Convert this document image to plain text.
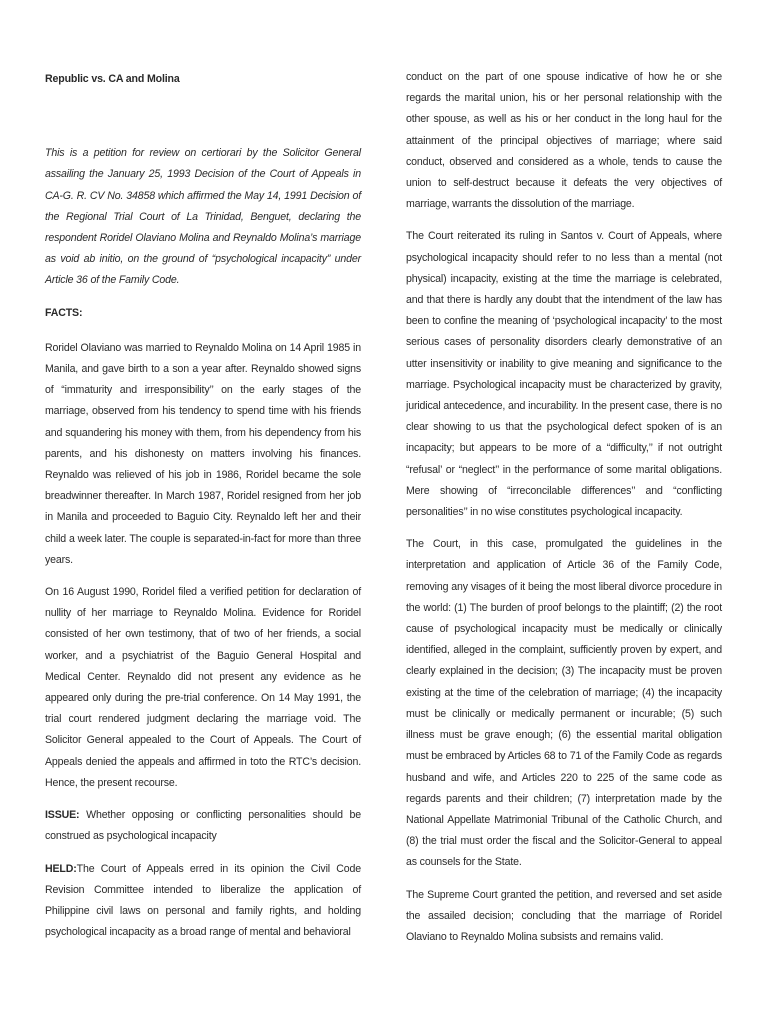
Republic vs. CA and Molina

This is a petition for review on certiorari by the Solicitor General assailing the January 25, 1993 Decision of the Court of Appeals in CA-G. R. CV No. 34858 which affirmed the May 14, 1991 Decision of the Regional Trial Court of La Trinidad, Benguet, declaring the respondent Roridel Olaviano Molina and Reynaldo Molina’s marriage as void ab initio, on the ground of “psychological incapacity” under Article 36 of the Family Code.

FACTS:

Roridel Olaviano was married to Reynaldo Molina on 14 April 1985 in Manila, and gave birth to a son a year after. Reynaldo showed signs of “immaturity and irresponsibility’’ on the early stages of the marriage, observed from his tendency to spend time with his friends and squandering his money with them, from his dependency from his parents, and his dishonesty on matters involving his finances. Reynaldo was relieved of his job in 1986, Roridel became the sole breadwinner thereafter. In March 1987, Roridel resigned from her job in Manila and proceeded to Baguio City. Reynaldo left her and their child a week later. The couple is separated-in-fact for more than three years.

On 16 August 1990, Roridel filed a verified petition for declaration of nullity of her marriage to Reynaldo Molina. Evidence for Roridel consisted of her own testimony, that of two of her friends, a social worker, and a psychiatrist of the Baguio General Hospital and Medical Center. Reynaldo did not present any evidence as he appeared only during the pre-trial conference. On 14 May 1991, the trial court rendered judgment declaring the marriage void. The Solicitor General appealed to the Court of Appeals. The Court of Appeals denied the appeals and affirmed in toto the RTC’s decision. Hence, the present recourse.

ISSUE: Whether opposing or conflicting personalities should be construed as psychological incapacity

HELD:The Court of Appeals erred in its opinion the Civil Code Revision Committee intended to liberalize the application of Philippine civil laws on personal and family rights, and holding psychological incapacity as a broad range of mental and behavioral

conduct on the part of one spouse indicative of how he or she regards the marital union, his or her personal relationship with the other spouse, as well as his or her conduct in the long haul for the attainment of the principal objectives of marriage; where said conduct, observed and considered as a whole, tends to cause the union to self-destruct because it defeats the very objectives of marriage, warrants the dissolution of the marriage.

The Court reiterated its ruling in Santos v. Court of Appeals, where psychological incapacity should refer to no less than a mental (not physical) incapacity, existing at the time the marriage is celebrated, and that there is hardly any doubt that the intendment of the law has been to confine the meaning of ‘psychological incapacity’ to the most serious cases of personality disorders clearly demonstrative of an utter insensitivity or inability to give meaning and significance to the marriage. Psychological incapacity must be characterized by gravity, juridical antecedence, and incurability. In the present case, there is no clear showing to us that the psychological defect spoken of is an incapacity; but appears to be more of a “difficulty,’’ if not outright “refusal’ or “neglect’’ in the performance of some marital obligations. Mere showing of “irreconcilable differences’’ and “conflicting personalities’’ in no wise constitutes psychological incapacity.

The Court, in this case, promulgated the guidelines in the interpretation and application of Article 36 of the Family Code, removing any visages of it being the most liberal divorce procedure in the world: (1) The burden of proof belongs to the plaintiff; (2) the root cause of psychological incapacity must be medically or clinically identified, alleged in the complaint, sufficiently proven by expert, and clearly explained in the decision; (3) The incapacity must be proven existing at the time of the celebration of marriage; (4) the incapacity must be clinically or medically permanent or incurable; (5) such illness must be grave enough; (6) the essential marital obligation must be embraced by Articles 68 to 71 of the Family Code as regards husband and wife, and Articles 220 to 225 of the same code as regards parents and their children; (7) interpretation made by the National Appellate Matrimonial Tribunal of the Catholic Church, and (8) the trial must order the fiscal and the Solicitor-General to appeal as counsels for the State.

The Supreme Court granted the petition, and reversed and set aside the assailed decision; concluding that the marriage of Roridel Olaviano to Reynaldo Molina subsists and remains valid.
